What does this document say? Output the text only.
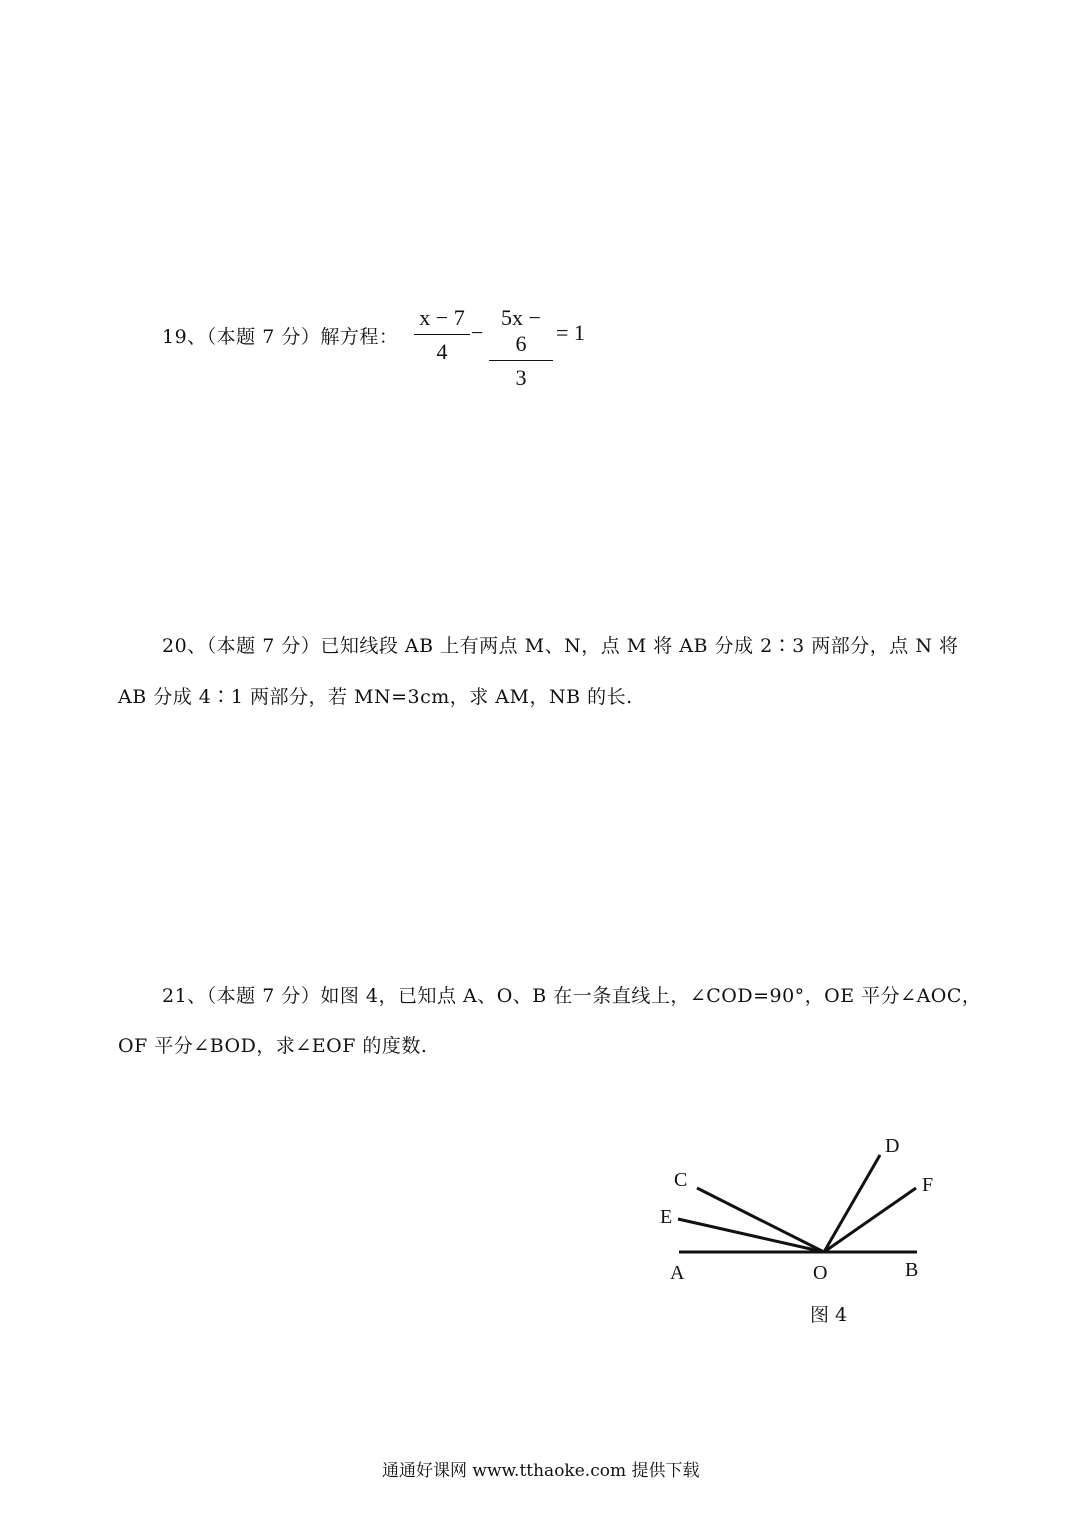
19、（本题 7 分）解方程：
x − 7
4
−
5x − 6
3
= 1
20、（本题 7 分）已知线段 AB 上有两点 M、N，点 M 将 AB 分成 2∶3 两部分，点 N 将
AB 分成 4∶1 两部分，若 MN=3cm，求 AM，NB 的长.
21、（本题 7 分）如图 4，已知点 A、O、B 在一条直线上，∠COD=90°，OE 平分∠AOC，
OF 平分∠BOD，求∠EOF 的度数.
A	O	B
C
D
E
F
图 4
通通好课网 www.tthaoke.com 提供下载
